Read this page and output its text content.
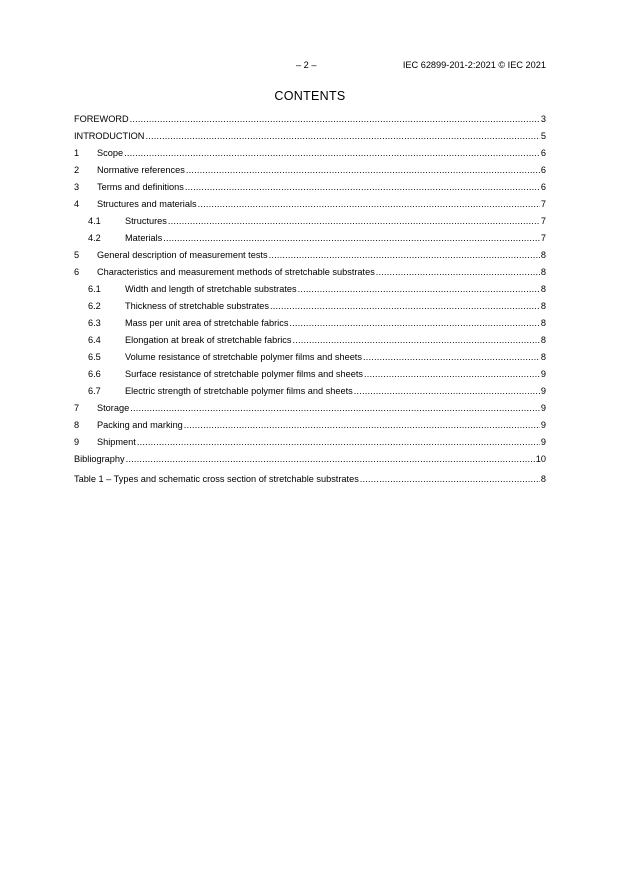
– 2 –	IEC 62899-201-2:2021 © IEC 2021
CONTENTS
FOREWORD .....	3
INTRODUCTION .....	5
1	Scope .....	6
2	Normative references .....	6
3	Terms and definitions .....	6
4	Structures and materials .....	7
4.1	Structures .....	7
4.2	Materials .....	7
5	General description of measurement tests .....	8
6	Characteristics and measurement methods of stretchable substrates .....	8
6.1	Width and length of stretchable substrates .....	8
6.2	Thickness of stretchable substrates .....	8
6.3	Mass per unit area of stretchable fabrics .....	8
6.4	Elongation at break of stretchable fabrics .....	8
6.5	Volume resistance of stretchable polymer films and sheets .....	8
6.6	Surface resistance of stretchable polymer films and sheets .....	9
6.7	Electric strength of stretchable polymer films and sheets .....	9
7	Storage .....	9
8	Packing and marking .....	9
9	Shipment .....	9
Bibliography .....	10
Table 1 – Types and schematic cross section of stretchable substrates .....	8
